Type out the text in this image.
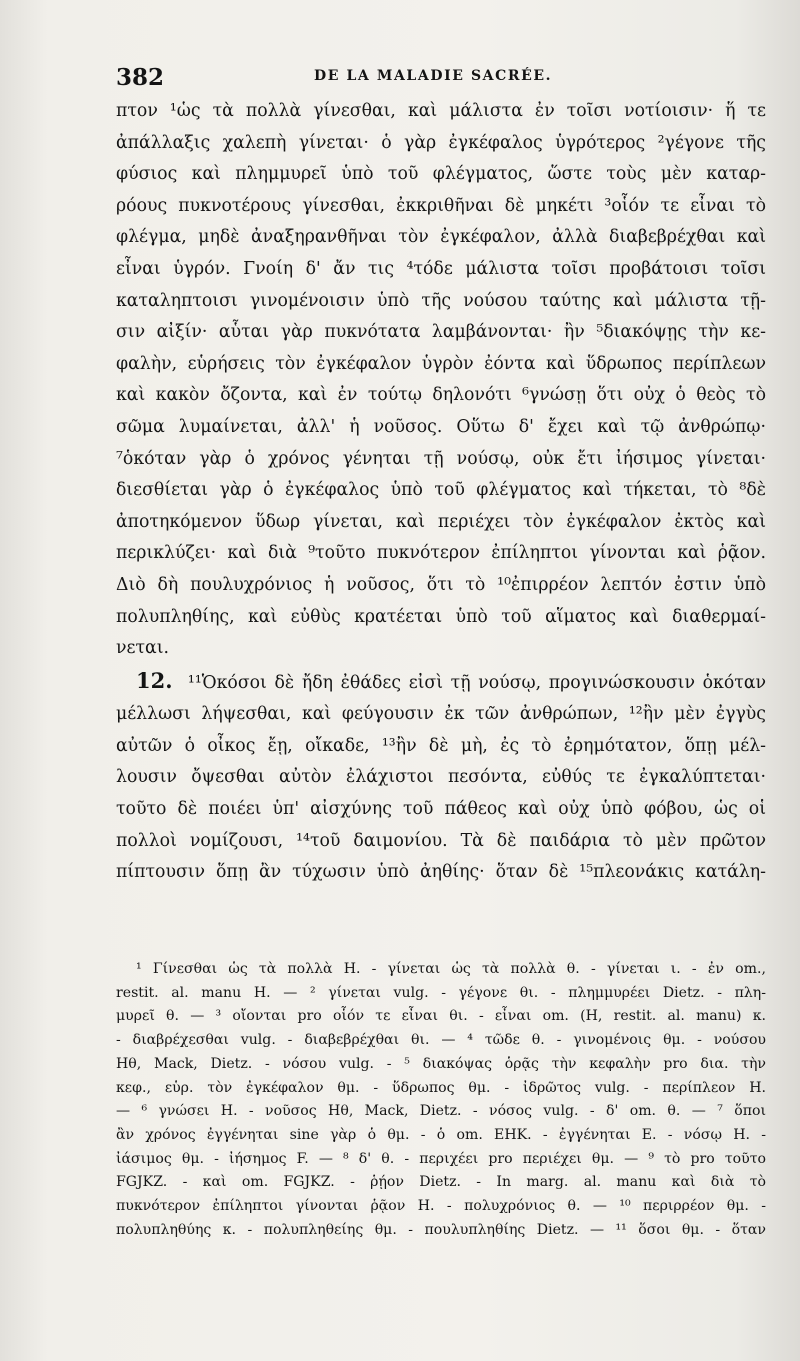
382	DE LA MALADIE SACRÉE.
πτον ¹ὡς τὰ πολλὰ γίνεσθαι, καὶ μάλιστα ἐν τοῖσι νοτίοισιν· ἥ τε
ἀπάλλαξις χαλεπὴ γίνεται· ὁ γὰρ ἐγκέφαλος ὑγρότερος ²γέγονε τῆς
φύσιος καὶ πλημμυρεῖ ὑπὸ τοῦ φλέγματος, ὥστε τοὺς μὲν καταρ-
ρόους πυκνοτέρους γίνεσθαι, ἐκκριθῆναι δὲ μηκέτι ³οἷόν τε εἶναι τὸ
φλέγμα, μηδὲ ἀναξηρανθῆναι τὸν ἐγκέφαλον, ἀλλὰ διαβεβρέχθαι καὶ
εἶναι ὑγρόν. Γνοίη δ' ἄν τις ⁴τόδε μάλιστα τοῖσι προβάτοισι τοῖσι
καταληπτοισι γινομένοισιν ὑπὸ τῆς νούσου ταύτης καὶ μάλιστα τῇ-
σιν αἰξίν· αὗται γὰρ πυκνότατα λαμβάνονται· ἢν ⁵διακόψῃς τὴν κε-
φαλὴν, εὑρήσεις τὸν ἐγκέφαλον ὑγρὸν ἐόντα καὶ ὕδρωπος περίπλεων
καὶ κακὸν ὄζοντα, καὶ ἐν τούτῳ δηλονότι ⁶γνώσῃ ὅτι οὐχ ὁ θεὸς τὸ
σῶμα λυμαίνεται, ἀλλ' ἡ νοῦσος. Οὕτω δ' ἔχει καὶ τῷ ἀνθρώπῳ·
⁷ὁκόταν γὰρ ὁ χρόνος γένηται τῇ νούσῳ, οὐκ ἔτι ἰήσιμος γίνεται·
διεσθίεται γὰρ ὁ ἐγκέφαλος ὑπὸ τοῦ φλέγματος καὶ τήκεται, τὸ ⁸δὲ
ἀποτηκόμενον ὕδωρ γίνεται, καὶ περιέχει τὸν ἐγκέφαλον ἐκτὸς καὶ
περικλύζει· καὶ διὰ ⁹τοῦτο πυκνότερον ἐπίληπτοι γίνονται καὶ ῥᾷον.
Διὸ δὴ πουλυχρόνιος ἡ νοῦσος, ὅτι τὸ ¹⁰ἐπιρρέον λεπτόν ἐστιν ὑπὸ
πολυπληθίης, καὶ εὐθὺς κρατέεται ὑπὸ τοῦ αἵματος καὶ διαθερμαί-
νεται.
12. ¹¹Ὁκόσοι δὲ ἤδη ἐθάδες εἰσὶ τῇ νούσῳ, προγινώσκουσιν ὁκόταν
μέλλωσι λήψεσθαι, καὶ φεύγουσιν ἐκ τῶν ἀνθρώπων, ¹²ἢν μὲν ἐγγὺς
αὐτῶν ὁ οἶκος ἔῃ, οἴκαδε, ¹³ἢν δὲ μὴ, ἐς τὸ ἐρημότατον, ὅπῃ μέλ-
λουσιν ὄψεσθαι αὐτὸν ἐλάχιστοι πεσόντα, εὐθύς τε ἐγκαλύπτεται·
τοῦτο δὲ ποιέει ὑπ' αἰσχύνης τοῦ πάθεος καὶ οὐχ ὑπὸ φόβου, ὡς οἱ
πολλοὶ νομίζουσι, ¹⁴τοῦ δαιμονίου. Τὰ δὲ παιδάρια τὸ μὲν πρῶτον
πίπτουσιν ὅπῃ ἂν τύχωσιν ὑπὸ ἀηθίης· ὅταν δὲ ¹⁵πλεονάκις κατάλη-
¹ Γίνεσθαι ὡς τὰ πολλὰ H. - γίνεται ὡς τὰ πολλὰ θ. - γίνεται ι. - ἐν om.,
restit. al. manu H. — ² γίνεται vulg. - γέγονε θι. - πλημμυρέει Dietz. - πλη-
μυρεῖ θ. — ³ οἴονται pro οἷόν τε εἶναι θι. - εἶναι om. (H, restit. al. manu) κ.
- διαβρέχεσθαι vulg. - διαβεβρέχθαι θι. — ⁴ τῶδε θ. - γινομένοις θμ. - νούσου
Hθ, Mack, Dietz. - νόσου vulg. - ⁵ διακόψας ὁρᾷς τὴν κεφαλὴν pro δια. τὴν
κεφ., εὑρ. τὸν ἐγκέφαλον θμ. - ὕδρωπος θμ. - ἰδρῶτος vulg. - περίπλεον H.
— ⁶ γνώσει H. - νοῦσος Hθ, Mack, Dietz. - νόσος vulg. - δ' om. θ. — ⁷ ὅποι
ἂν χρόνος ἐγγένηται sine γὰρ ὁ θμ. - ὁ om. EHK. - ἐγγένηται E. - νόσῳ H. -
ἰάσιμος θμ. - ἰήσημος F. — ⁸ δ' θ. - περιχέει pro περιέχει θμ. — ⁹ τὸ pro τοῦτο
FGJKZ. - καὶ om. FGJKZ. - ῥῄον Dietz. - In marg. al. manu καὶ διὰ τὸ
πυκνότερον ἐπίληπτοι γίνονται ῥᾷον H. - πολυχρόνιος θ. — ¹⁰ περιρρέον θμ. -
πολυπληθύης κ. - πολυπληθείης θμ. - πουλυπληθίης Dietz. — ¹¹ ὅσοι θμ. - ὅταν
